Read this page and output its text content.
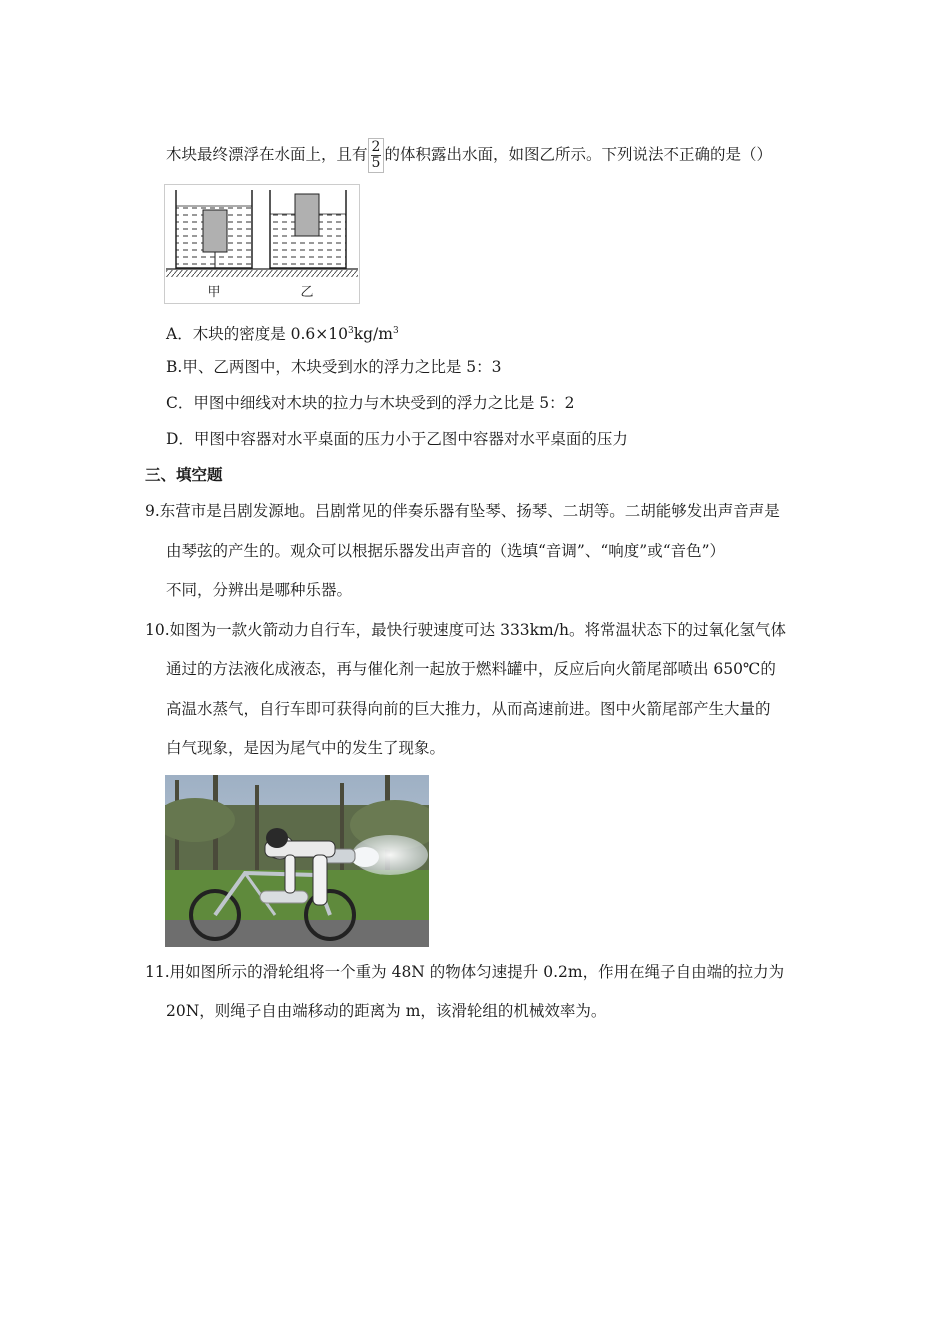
木块最终漂浮在水面上，且有 $\frac{2}{5}$ 的体积露出水面，如图乙所示。下列说法不正确的是（）
甲	乙
A．木块的密度是 $0.6\times 10^3kg/m^3$
B.甲、乙两图中，木块受到水的浮力之比是 5：3
C．甲图中细线对木块的拉力与木块受到的浮力之比是 5：2
D．甲图中容器对水平桌面的压力小于乙图中容器对水平桌面的压力
三、填空题
9.东营市是吕剧发源地。吕剧常见的伴奏乐器有坠琴、扬琴、二胡等。二胡能够发出声音声是
由琴弦的产生的。观众可以根据乐器发出声音的（选填“音调”、“响度”或“音色”）
不同，分辨出是哪种乐器。
10.如图为一款火箭动力自行车，最快行驶速度可达 333km/h。将常温状态下的过氧化氢气体
通过的方法液化成液态，再与催化剂一起放于燃料罐中，反应后向火箭尾部喷出 650℃的
高温水蒸气，自行车即可获得向前的巨大推力，从而高速前进。图中火箭尾部产生大量的
白气现象，是因为尾气中的发生了现象。
11.用如图所示的滑轮组将一个重为 48N 的物体匀速提升 0.2m，作用在绳子自由端的拉力为
20N，则绳子自由端移动的距离为 m，该滑轮组的机械效率为。
